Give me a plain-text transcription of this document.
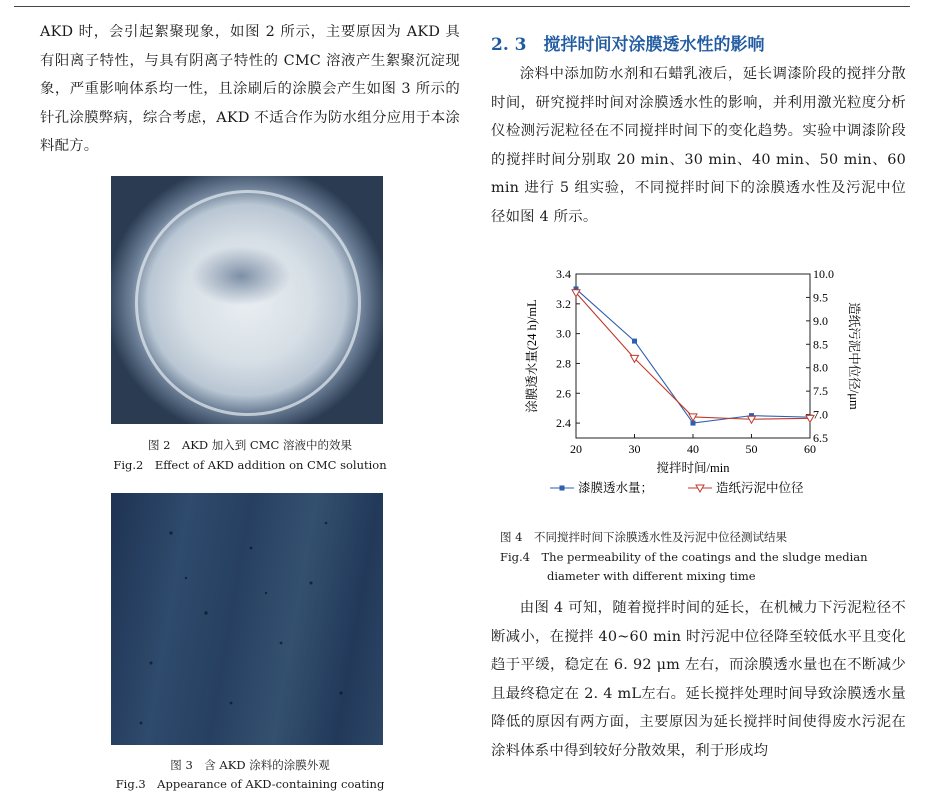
AKD 时，会引起絮聚现象，如图 2 所示，主要原因为 AKD 具有阳离子特性，与具有阴离子特性的 CMC 溶液产生絮聚沉淀现象，严重影响体系均一性，且涂刷后的涂膜会产生如图 3 所示的针孔涂膜弊病，综合考虑，AKD 不适合作为防水组分应用于本涂料配方。

图 2　AKD 加入到 CMC 溶液中的效果
Fig.2　Effect of AKD addition on CMC solution
图 3　含 AKD 涂料的涂膜外观
Fig.3　Appearance of AKD-containing coating
2. 3　搅拌时间对涂膜透水性的影响

涂料中添加防水剂和石蜡乳液后，延长调漆阶段的搅拌分散时间，研究搅拌时间对涂膜透水性的影响，并利用激光粒度分析仪检测污泥粒径在不同搅拌时间下的变化趋势。实验中调漆阶段的搅拌时间分别取 20 min、30 min、40 min、50 min、60 min 进行 5 组实验，不同搅拌时间下的涂膜透水性及污泥中位径如图 4 所示。

20	30	40	50	60
2.4
2.6
2.8
3.0
3.2
3.4
6.5
7.0
7.5
8.0
8.5
9.0
9.5
10.0
搅拌时间/min
涂膜透水量(24 h)/mL	造纸污泥中位径/μm
漆膜透水量；	造纸污泥中位径
图 4　不同搅拌时间下涂膜透水性及污泥中位径测试结果
Fig.4　The permeability of the coatings and the sludge median
diameter with different mixing time

由图 4 可知，随着搅拌时间的延长，在机械力下污泥粒径不断减小，在搅拌 40~60 min 时污泥中位径降至较低水平且变化趋于平缓，稳定在 6. 92 μm 左右，而涂膜透水量也在不断减少且最终稳定在 2. 4 mL左右。延长搅拌处理时间导致涂膜透水量降低的原因有两方面，主要原因为延长搅拌时间使得废水污泥在涂料体系中得到较好分散效果，利于形成均
